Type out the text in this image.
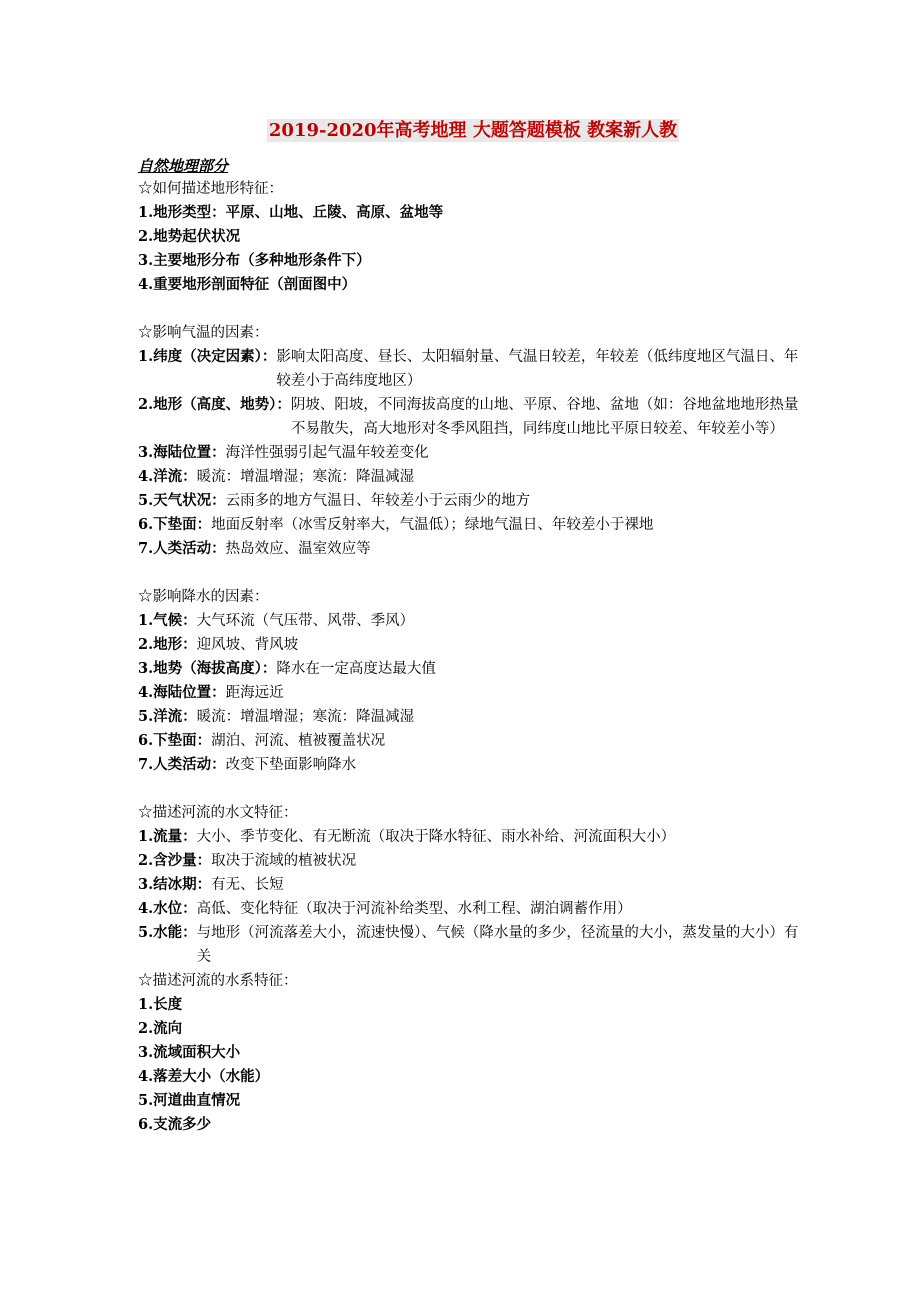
2019-2020年高考地理 大题答题模板 教案新人教

自然地理部分

☆如何描述地形特征：

1.地形类型：平原、山地、丘陵、高原、盆地等

2.地势起伏状况

3.主要地形分布（多种地形条件下）

4.重要地形剖面特征（剖面图中）

☆影响气温的因素：

1.纬度（决定因素）： 影响太阳高度、昼长、太阳辐射量、气温日较差，年较差（低纬度地区气温日、年较差小于高纬度地区）
2.地形（高度、地势）： 阴坡、阳坡，不同海拔高度的山地、平原、谷地、盆地（如：谷地盆地地形热量不易散失，高大地形对冬季风阻挡，同纬度山地比平原日较差、年较差小等）
3.海陆位置： 海洋性强弱引起气温年较差变化
4.洋流： 暖流：增温增湿；寒流：降温减湿
5.天气状况： 云雨多的地方气温日、年较差小于云雨少的地方
6.下垫面： 地面反射率（冰雪反射率大，气温低）；绿地气温日、年较差小于裸地
7.人类活动： 热岛效应、温室效应等

☆影响降水的因素：

1.气候： 大气环流（气压带、风带、季风）
2.地形： 迎风坡、背风坡
3.地势（海拔高度）： 降水在一定高度达最大值
4.海陆位置： 距海远近
5.洋流： 暖流：增温增湿；寒流：降温减湿
6.下垫面： 湖泊、河流、植被覆盖状况
7.人类活动： 改变下垫面影响降水

☆描述河流的水文特征：

1.流量： 大小、季节变化、有无断流（取决于降水特征、雨水补给、河流面积大小）
2.含沙量： 取决于流域的植被状况
3.结冰期： 有无、长短
4.水位： 高低、变化特征（取决于河流补给类型、水利工程、湖泊调蓄作用）
5.水能： 与地形（河流落差大小，流速快慢）、气候（降水量的多少，径流量的大小，蒸发量的大小）有关

☆描述河流的水系特征：

1.长度

2.流向

3.流域面积大小

4.落差大小（水能）

5.河道曲直情况

6.支流多少
